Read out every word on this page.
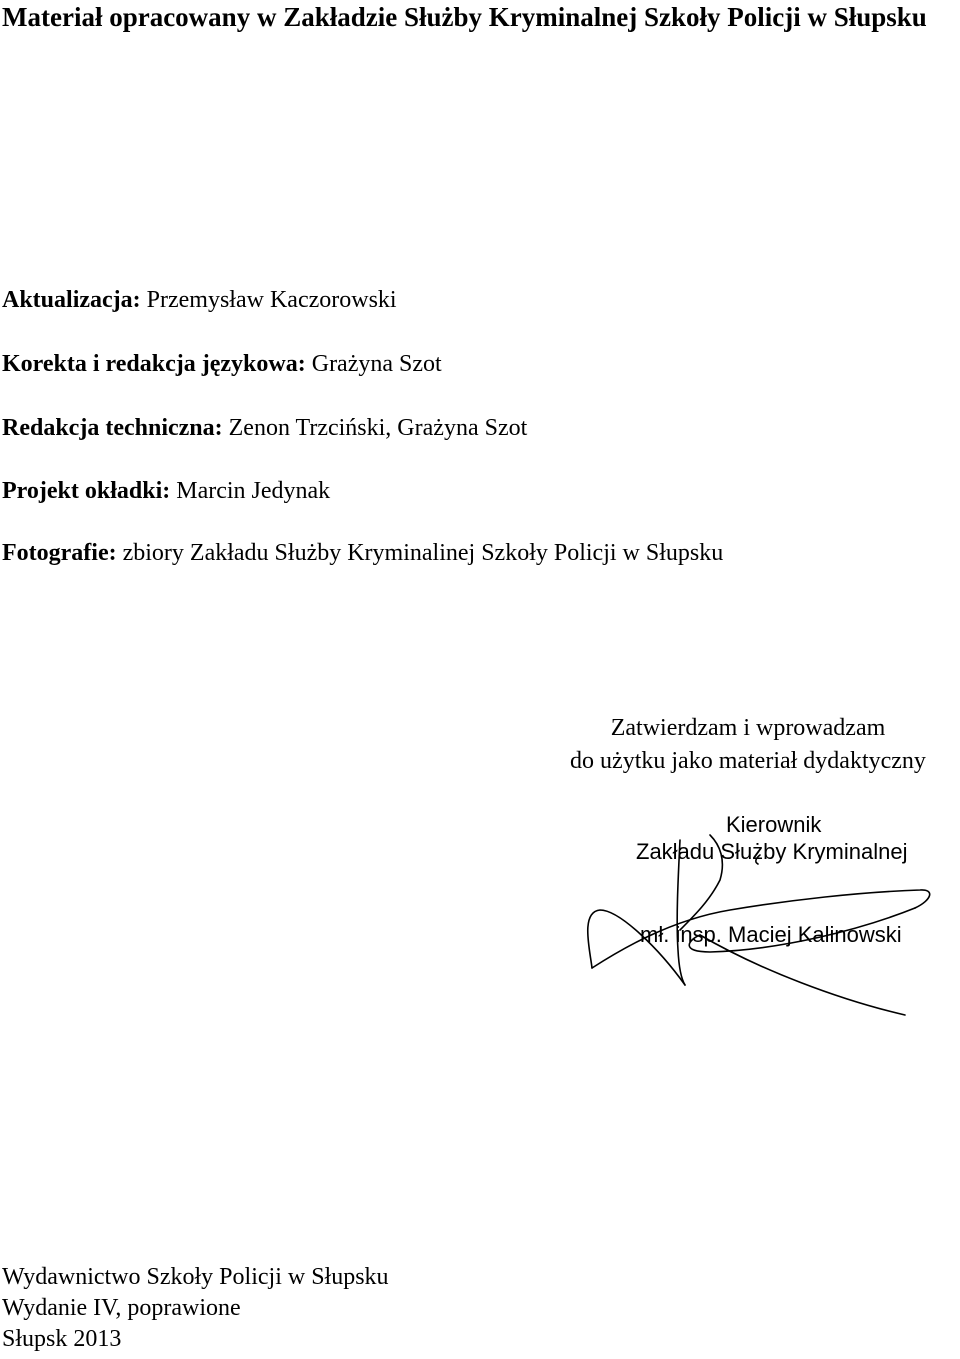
Materiał opracowany w Zakładzie Służby Kryminalnej Szkoły Policji w Słupsku
Aktualizacja: Przemysław Kaczorowski
Korekta i redakcja językowa: Grażyna Szot
Redakcja techniczna: Zenon Trzciński, Grażyna Szot
Projekt okładki: Marcin Jedynak
Fotografie: zbiory Zakładu Służby Kryminalinej Szkoły Policji w Słupsku
Zatwierdzam i wprowadzam
do użytku jako materiał dydaktyczny
Kierownik
Zakładu Służby Kryminalnej
mł. insp. Maciej Kalinowski
Wydawnictwo Szkoły Policji w Słupsku
Wydanie IV, poprawione
Słupsk 2013
